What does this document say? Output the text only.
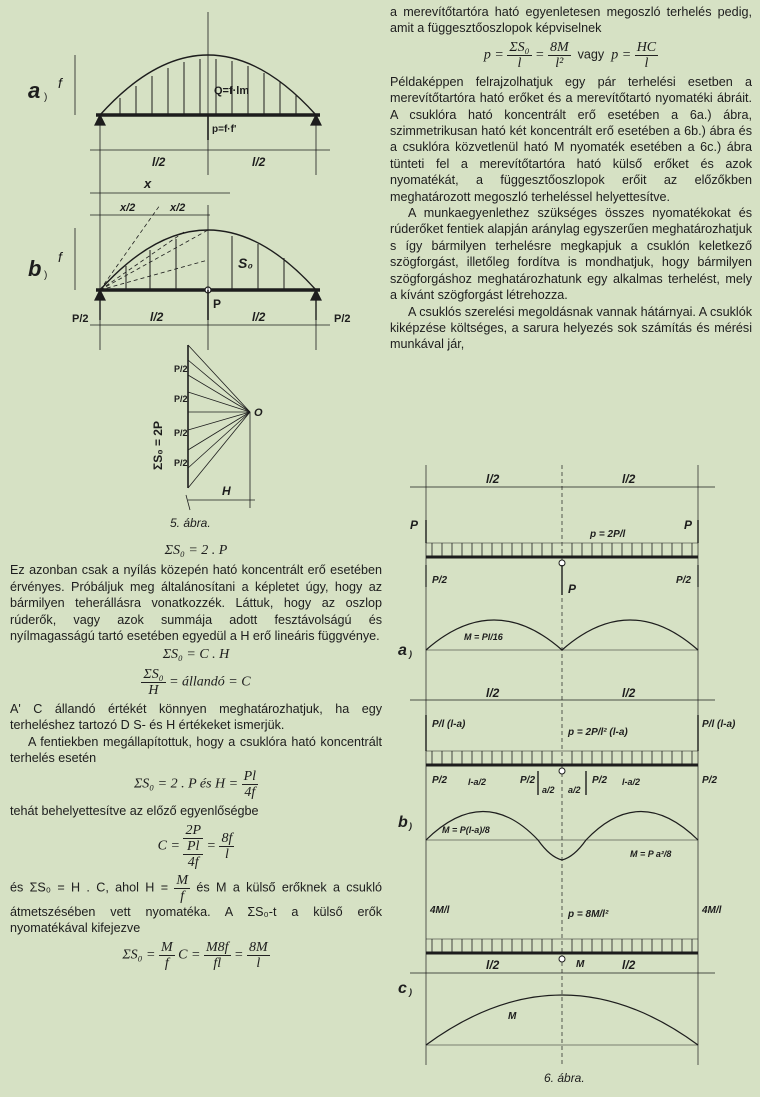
a )
f	Q=f·lm
p=f·f'
l/2	l/2
x
x/2	x/2
b )
f	S₀
P
P/2	P/2
l/2	l/2
ΣS₀ = 2P
P/2
P/2
P/2
P/2
O
H
5. ábra.
l/2	l/2
P	P
p = 2P/l
P/2	P/2
P
M = Pl/16
a )
l/2	l/2
P/l (l-a)	P/l (l-a)
p = 2P/l² (l-a)
P/2 l-a/2	P/2
a/2 a/2
P/2 l-a/2	P/2
b )	M = P(l-a)/8
M = P a²/8
4M/l	4M/l
p = 8M/l²
M
l/2	l/2
c )
M
6. ábra.

a merevítőtartóra ható egyenletesen megoszló terhelés pedig, amit a függesztőoszlopok képviselnek

$p = \frac{\text{ΣS₀}}{l} = \frac{8M}{\text{l²}}$ vagy $p = \frac{HC}{l}$

Példaképpen felrajzolhatjuk egy pár terhelési esetben a merevítőtartóra ható erőket és a merevítőtartó nyomatéki ábráit. A csuklóra ható koncentrált erő esetében a 6a.) ábra, szimmetrikusan ható két koncentrált erő esetében a 6b.) ábra és a csuklóra közvetlenül ható M nyomaték esetében a 6c.) ábra tünteti fel a merevítőtartóra ható külső erőket és azok nyomatékát, a függesztőoszlopok erőit az előzőkben meghatározott megoszló terheléssel helyettesítve.

A munkaegyenlethez szükséges összes nyomatékokat és rúderőket fentiek alapján aránylag egyszerűen meghatározhatjuk s így bármilyen terhelésre megkapjuk a csuklón keletkező szögforgást, illetőleg fordítva is mondhatjuk, hogy bármilyen szögforgáshoz meghatározhatunk egy alkalmas terhelést, mely a kívánt szögforgást létrehozza.

A csuklós szerelési megoldásnak vannak hátárnyai. A csuklók kiképzése költséges, a sarura helyezés sok számítás és mérési munkával jár,

ΣS₀ = 2 . P

Ez azonban csak a nyílás közepén ható koncentrált erő esetében érvényes. Próbáljuk meg általánosítani a képletet úgy, hogy az bármilyen teherállásra vonatkozzék. Láttuk, hogy az oszlop rúderők, vagy azok summája adott fesztávolságú és nyílmagasságú tartó esetében egyedül a H erő lineáris függvénye.

ΣS₀ = C . H
$\frac{\text{ΣS₀}}{H}$ = állandó = C

A' C állandó értékét könnyen meghatározhatjuk, ha egy terheléshez tartozó D S- és H értékeket ismerjük.

A fentiekben megállapítottuk, hogy a csuklóra ható koncentrált terhelés esetén

ΣS₀ = 2 . P és $H = \frac{Pl}{4f}$

tehát behelyettesítve az előző egyenlőségbe

C = 2P
Pl
$4f = \frac{8f}{l}$

és ΣS₀ = H . C, ahol $H = \frac{M}{f}$ és M a külső erőknek a csukló átmetszésében vett nyomatéka. A ΣS₀-t a külső erők nyomatékával kifejezve

$\Sigma S_0 = \frac{M}{f}$ $C = \frac{M8f}{fl} = \frac{8M}{l}$
